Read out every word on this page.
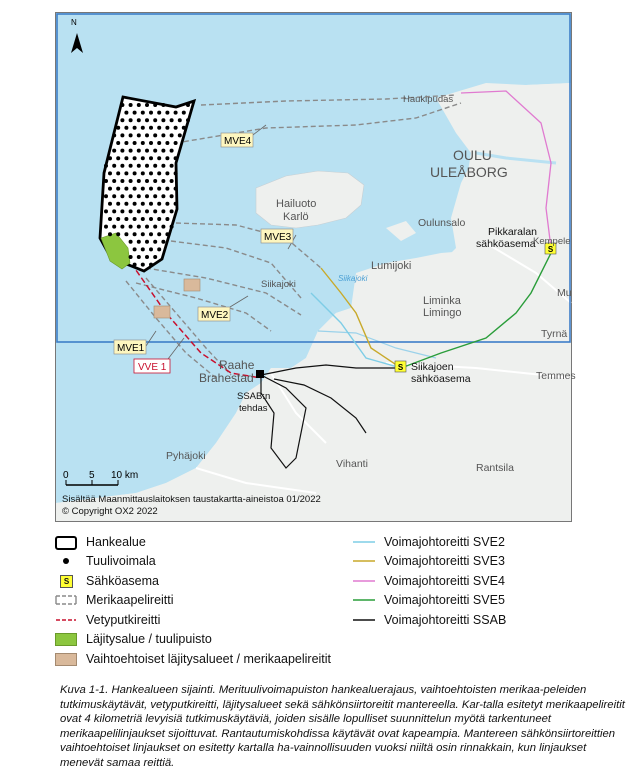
S
S
N
MVE4
MVE3
MVE2
MVE1
VVE 1
Hailuoto
Karlö
OULU
ULEÅBORG
Oulunsalo
Lumijoki
Liminka
Limingo
Raahe
Brahestad
Pyhäjoki
Vihanti	Rantsila
Temmes
Tyrnä
Mu
Kempele
Haukipudas
Siikajoki
Siikajoki
Pikkaralan
sähköasema
Siikajoen
sähköasema
SSAB:n
tehdas
0 5 10 km
Sisältää Maanmittauslaitoksen taustakartta-aineistoa 01/2022
© Copyright OX2 2022
Hankealue
Tuulivoimala
S	Sähköasema
Merikaapelireitti
Vetyputkireitti
Läjitysalue / tuulipuisto
Vaihtoehtoiset läjitysalueet / merikaapelireitit
Voimajohtoreitti SVE2
Voimajohtoreitti SVE3
Voimajohtoreitti SVE4
Voimajohtoreitti SVE5
Voimajohtoreitti SSAB
Kuva 1-1. Hankealueen sijainti. Merituulivoimapuiston hankealuerajaus, vaihtoehtoisten merikaa-peleiden tutkimuskäytävät, vetyputkireitti, läjitysalueet sekä sähkönsiirtoreitit mantereella. Kar-talla esitetyt merikaapelireitit ovat 4 kilometriä levyisiä tutkimuskäytäviä, joiden sisälle lopulliset suunnittelun myötä tarkentuneet merikaapelilinjaukset sijoittuvat. Rantautumiskohdissa käytävät ovat kapeampia. Mantereen sähkönsiirtoreittien vaihtoehtoiset linjaukset on esitetty kartalla ha-vainnollisuuden vuoksi niiltä osin rinnakkain, kun linjaukset menevät samaa reittiä.
